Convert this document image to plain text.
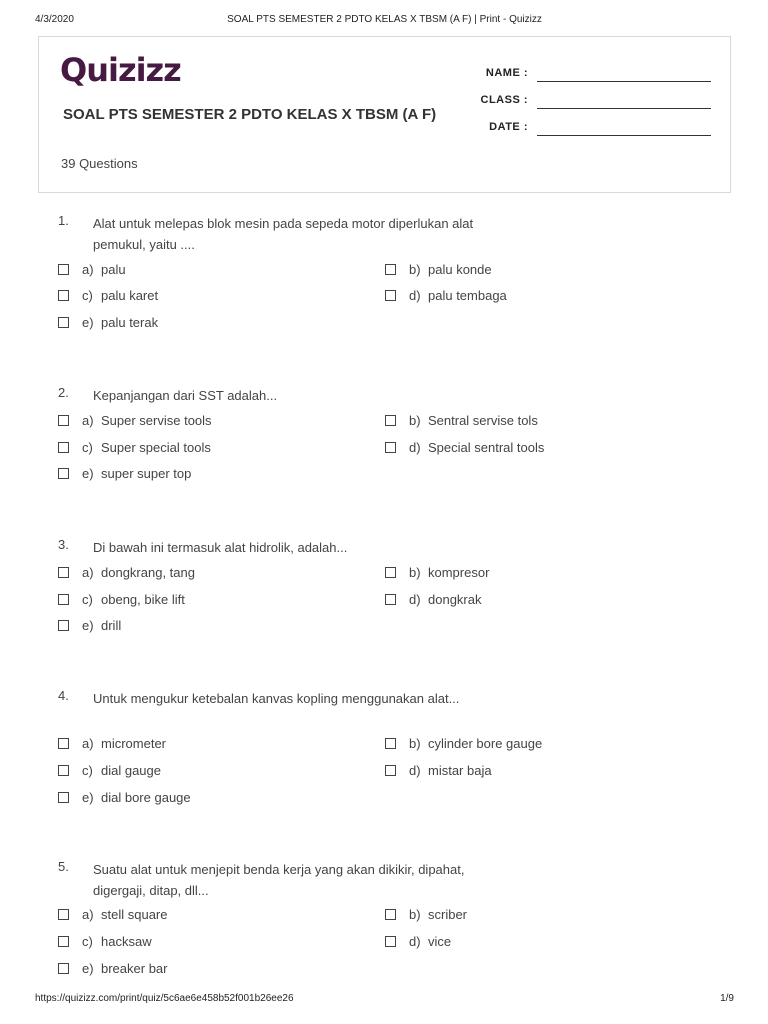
4/3/2020	SOAL PTS SEMESTER 2 PDTO KELAS X TBSM (A F) | Print - Quizizz
Quizizz
SOAL PTS SEMESTER 2 PDTO KELAS X TBSM (A F)
39 Questions
NAME :
CLASS :
DATE :
1. Alat untuk melepas blok mesin pada sepeda motor diperlukan alat pemukul, yaitu ....
a) palu	b) palu konde
c) palu karet	d) palu tembaga
e) palu terak
2. Kepanjangan dari SST adalah...
a) Super servise tools	b) Sentral servise tols
c) Super special tools	d) Special sentral tools
e) super super top
3. Di bawah ini termasuk alat hidrolik, adalah...
a) dongkrang, tang	b) kompresor
c) obeng, bike lift	d) dongkrak
e) drill
4. Untuk mengukur ketebalan kanvas kopling menggunakan alat...
a) micrometer	b) cylinder bore gauge
c) dial gauge	d) mistar baja
e) dial bore gauge
5. Suatu alat untuk menjepit benda kerja yang akan dikikir, dipahat, digergaji, ditap, dll...
a) stell square	b) scriber
c) hacksaw	d) vice
e) breaker bar
https://quizizz.com/print/quiz/5c6ae6e458b52f001b26ee26	1/9
